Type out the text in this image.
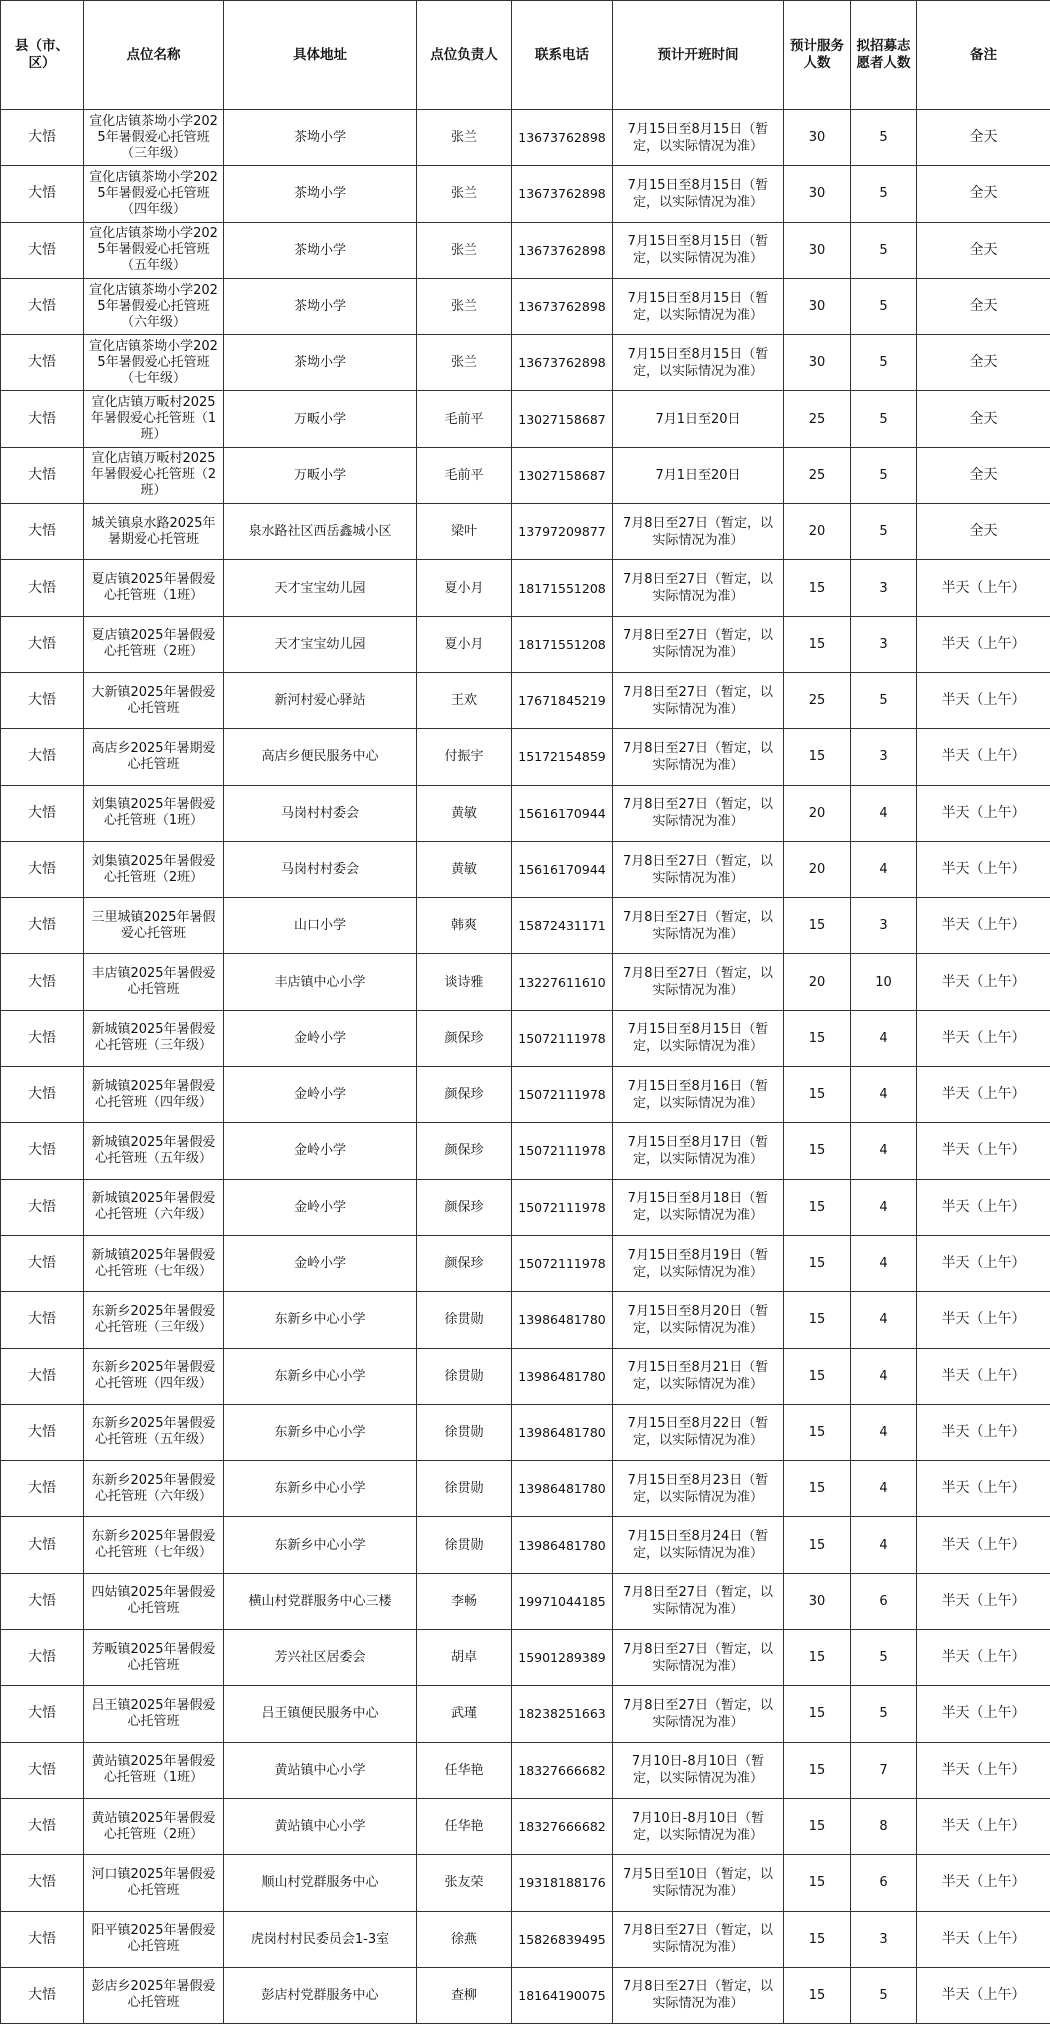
县（市、区）	点位名称	具体地址	点位负责人	联系电话	预计开班时间	预计服务人数	拟招募志愿者人数	备注
大悟	宣化店镇茶坳小学2025年暑假爱心托管班（三年级）	茶坳小学	张兰	13673762898	7月15日至8月15日（暂定，以实际情况为准）	30	5	全天
大悟	宣化店镇茶坳小学2025年暑假爱心托管班（四年级）	茶坳小学	张兰	13673762898	7月15日至8月15日（暂定，以实际情况为准）	30	5	全天
大悟	宣化店镇茶坳小学2025年暑假爱心托管班（五年级）	茶坳小学	张兰	13673762898	7月15日至8月15日（暂定，以实际情况为准）	30	5	全天
大悟	宣化店镇茶坳小学2025年暑假爱心托管班（六年级）	茶坳小学	张兰	13673762898	7月15日至8月15日（暂定，以实际情况为准）	30	5	全天
大悟	宣化店镇茶坳小学2025年暑假爱心托管班（七年级）	茶坳小学	张兰	13673762898	7月15日至8月15日（暂定，以实际情况为准）	30	5	全天
大悟	宣化店镇万畈村2025年暑假爱心托管班（1班）	万畈小学	毛前平	13027158687	7月1日至20日	25	5	全天
大悟	宣化店镇万畈村2025年暑假爱心托管班（2班）	万畈小学	毛前平	13027158687	7月1日至20日	25	5	全天
大悟	城关镇泉水路2025年暑期爱心托管班	泉水路社区西岳鑫城小区	梁叶	13797209877	7月8日至27日（暂定，以实际情况为准）	20	5	全天
大悟	夏店镇2025年暑假爱心托管班（1班）	天才宝宝幼儿园	夏小月	18171551208	7月8日至27日（暂定，以实际情况为准）	15	3	半天（上午）
大悟	夏店镇2025年暑假爱心托管班（2班）	天才宝宝幼儿园	夏小月	18171551208	7月8日至27日（暂定，以实际情况为准）	15	3	半天（上午）
大悟	大新镇2025年暑假爱心托管班	新河村爱心驿站	王欢	17671845219	7月8日至27日（暂定，以实际情况为准）	25	5	半天（上午）
大悟	高店乡2025年暑期爱心托管班	高店乡便民服务中心	付振宇	15172154859	7月8日至27日（暂定，以实际情况为准）	15	3	半天（上午）
大悟	刘集镇2025年暑假爱心托管班（1班）	马岗村村委会	黄敏	15616170944	7月8日至27日（暂定，以实际情况为准）	20	4	半天（上午）
大悟	刘集镇2025年暑假爱心托管班（2班）	马岗村村委会	黄敏	15616170944	7月8日至27日（暂定，以实际情况为准）	20	4	半天（上午）
大悟	三里城镇2025年暑假爱心托管班	山口小学	韩爽	15872431171	7月8日至27日（暂定，以实际情况为准）	15	3	半天（上午）
大悟	丰店镇2025年暑假爱心托管班	丰店镇中心小学	谈诗雅	13227611610	7月8日至27日（暂定，以实际情况为准）	20	10	半天（上午）
大悟	新城镇2025年暑假爱心托管班（三年级）	金岭小学	颜保珍	15072111978	7月15日至8月15日（暂定，以实际情况为准）	15	4	半天（上午）
大悟	新城镇2025年暑假爱心托管班（四年级）	金岭小学	颜保珍	15072111978	7月15日至8月16日（暂定，以实际情况为准）	15	4	半天（上午）
大悟	新城镇2025年暑假爱心托管班（五年级）	金岭小学	颜保珍	15072111978	7月15日至8月17日（暂定，以实际情况为准）	15	4	半天（上午）
大悟	新城镇2025年暑假爱心托管班（六年级）	金岭小学	颜保珍	15072111978	7月15日至8月18日（暂定，以实际情况为准）	15	4	半天（上午）
大悟	新城镇2025年暑假爱心托管班（七年级）	金岭小学	颜保珍	15072111978	7月15日至8月19日（暂定，以实际情况为准）	15	4	半天（上午）
大悟	东新乡2025年暑假爱心托管班（三年级）	东新乡中心小学	徐贯勋	13986481780	7月15日至8月20日（暂定，以实际情况为准）	15	4	半天（上午）
大悟	东新乡2025年暑假爱心托管班（四年级）	东新乡中心小学	徐贯勋	13986481780	7月15日至8月21日（暂定，以实际情况为准）	15	4	半天（上午）
大悟	东新乡2025年暑假爱心托管班（五年级）	东新乡中心小学	徐贯勋	13986481780	7月15日至8月22日（暂定，以实际情况为准）	15	4	半天（上午）
大悟	东新乡2025年暑假爱心托管班（六年级）	东新乡中心小学	徐贯勋	13986481780	7月15日至8月23日（暂定，以实际情况为准）	15	4	半天（上午）
大悟	东新乡2025年暑假爱心托管班（七年级）	东新乡中心小学	徐贯勋	13986481780	7月15日至8月24日（暂定，以实际情况为准）	15	4	半天（上午）
大悟	四姑镇2025年暑假爱心托管班	横山村党群服务中心三楼	李畅	19971044185	7月8日至27日（暂定，以实际情况为准）	30	6	半天（上午）
大悟	芳畈镇2025年暑假爱心托管班	芳兴社区居委会	胡卓	15901289389	7月8日至27日（暂定，以实际情况为准）	15	5	半天（上午）
大悟	吕王镇2025年暑假爱心托管班	吕王镇便民服务中心	武瑾	18238251663	7月8日至27日（暂定，以实际情况为准）	15	5	半天（上午）
大悟	黄站镇2025年暑假爱心托管班（1班）	黄站镇中心小学	任华艳	18327666682	7月10日-8月10日（暂定，以实际情况为准）	15	7	半天（上午）
大悟	黄站镇2025年暑假爱心托管班（2班）	黄站镇中心小学	任华艳	18327666682	7月10日-8月10日（暂定，以实际情况为准）	15	8	半天（上午）
大悟	河口镇2025年暑假爱心托管班	顺山村党群服务中心	张友荣	19318188176	7月5日至10日（暂定，以实际情况为准）	15	6	半天（上午）
大悟	阳平镇2025年暑假爱心托管班	虎岗村村民委员会1-3室	徐燕	15826839495	7月8日至27日（暂定，以实际情况为准）	15	3	半天（上午）
大悟	彭店乡2025年暑假爱心托管班	彭店村党群服务中心	查柳	18164190075	7月8日至27日（暂定，以实际情况为准）	15	5	半天（上午）
